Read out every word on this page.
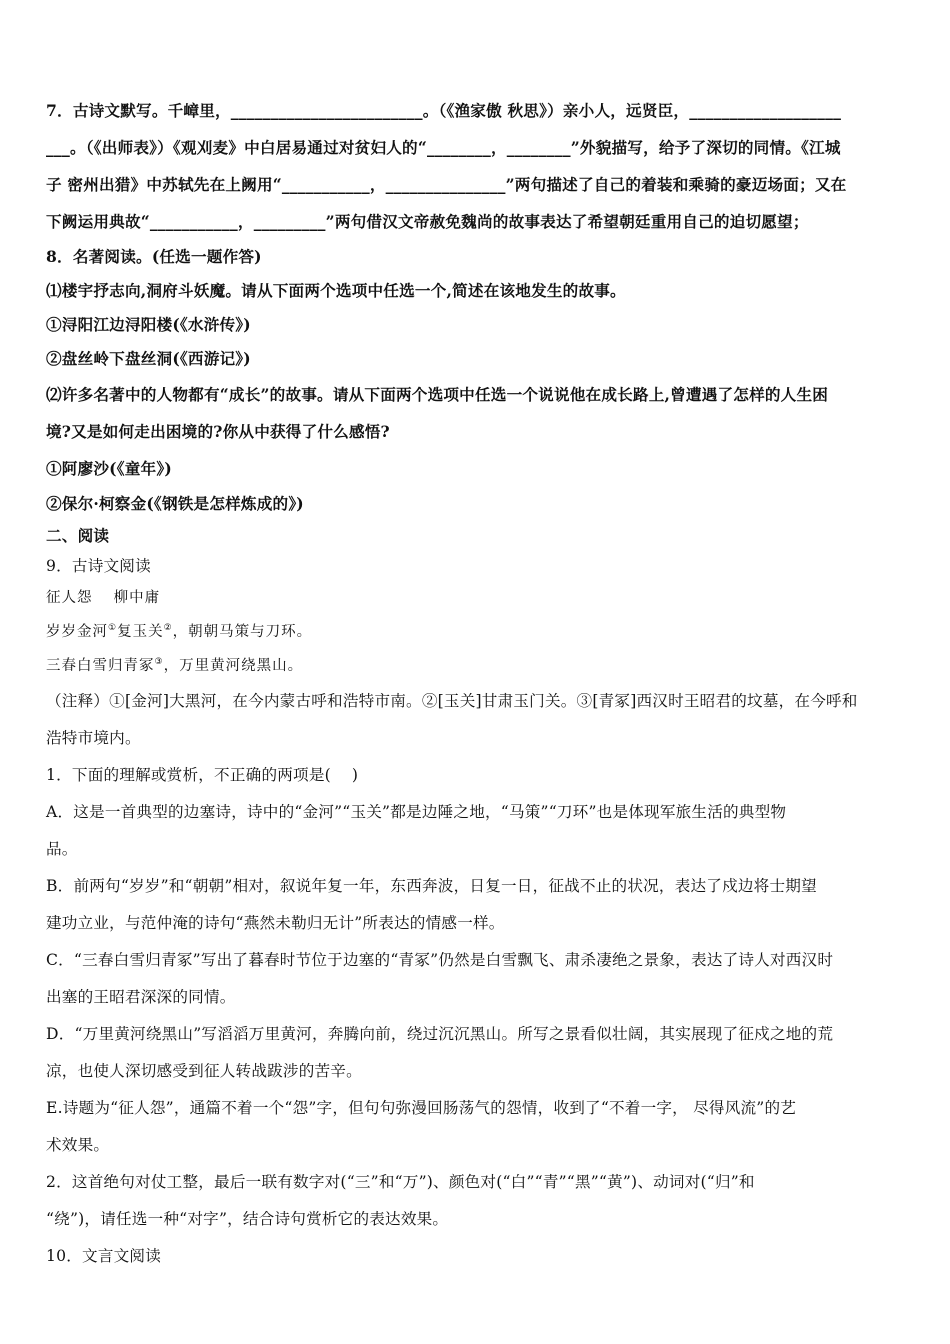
7．古诗文默写。千嶂里，________________________。（《渔家傲 秋思》）亲小人，远贤臣，___________________
___。（《出师表》）《观刈麦》中白居易通过对贫妇人的“________，________”外貌描写，给予了深切的同情。《江城
子 密州出猎》中苏轼先在上阙用“___________，_______________”两句描述了自己的着装和乘骑的豪迈场面；又在
下阙运用典故“___________，_________”两句借汉文帝赦免魏尚的故事表达了希望朝廷重用自己的迫切愿望；
8．名著阅读。(任选一题作答)
⑴楼宇抒志向,洞府斗妖魔。请从下面两个选项中任选一个,简述在该地发生的故事。
①浔阳江边浔阳楼(《水浒传》)
②盘丝岭下盘丝洞(《西游记》)
⑵许多名著中的人物都有“成长”的故事。请从下面两个选项中任选一个说说他在成长路上,曾遭遇了怎样的人生困
境?又是如何走出困境的?你从中获得了什么感悟?
①阿廖沙(《童年》)
②保尔·柯察金(《钢铁是怎样炼成的》)
二、阅读
9．古诗文阅读
征人怨　 柳中庸
岁岁金河①复玉关②，朝朝马策与刀环。
三春白雪归青冢③，万里黄河绕黑山。
（注释）①[金河]大黑河，在今内蒙古呼和浩特市南。②[玉关]甘肃玉门关。③[青冢]西汉时王昭君的坟墓，在今呼和
浩特市境内。
1．下面的理解或赏析，不正确的两项是(　 )
A．这是一首典型的边塞诗，诗中的“金河”“玉关”都是边陲之地，“马策”“刀环”也是体现军旅生活的典型物
品。
B．前两句“岁岁”和“朝朝”相对，叙说年复一年，东西奔波，日复一日，征战不止的状况，表达了戍边将士期望
建功立业，与范仲淹的诗句“燕然未勒归无计”所表达的情感一样。
C．“三春白雪归青冢”写出了暮春时节位于边塞的“青冢”仍然是白雪飘飞、肃杀凄绝之景象，表达了诗人对西汉时
出塞的王昭君深深的同情。
D．“万里黄河绕黑山”写滔滔万里黄河，奔腾向前，绕过沉沉黑山。所写之景看似壮阔，其实展现了征戍之地的荒
凉，也使人深切感受到征人转战跋涉的苦辛。
E.诗题为“征人怨”，通篇不着一个“怨”字，但句句弥漫回肠荡气的怨情，收到了“不着一字， 尽得风流”的艺
术效果。
2．这首绝句对仗工整，最后一联有数字对(“三”和“万”)、颜色对(“白”“青”“黑”“黄”)、动词对(“归”和
“绕”)，请任选一种“对字”，结合诗句赏析它的表达效果。
10．文言文阅读
